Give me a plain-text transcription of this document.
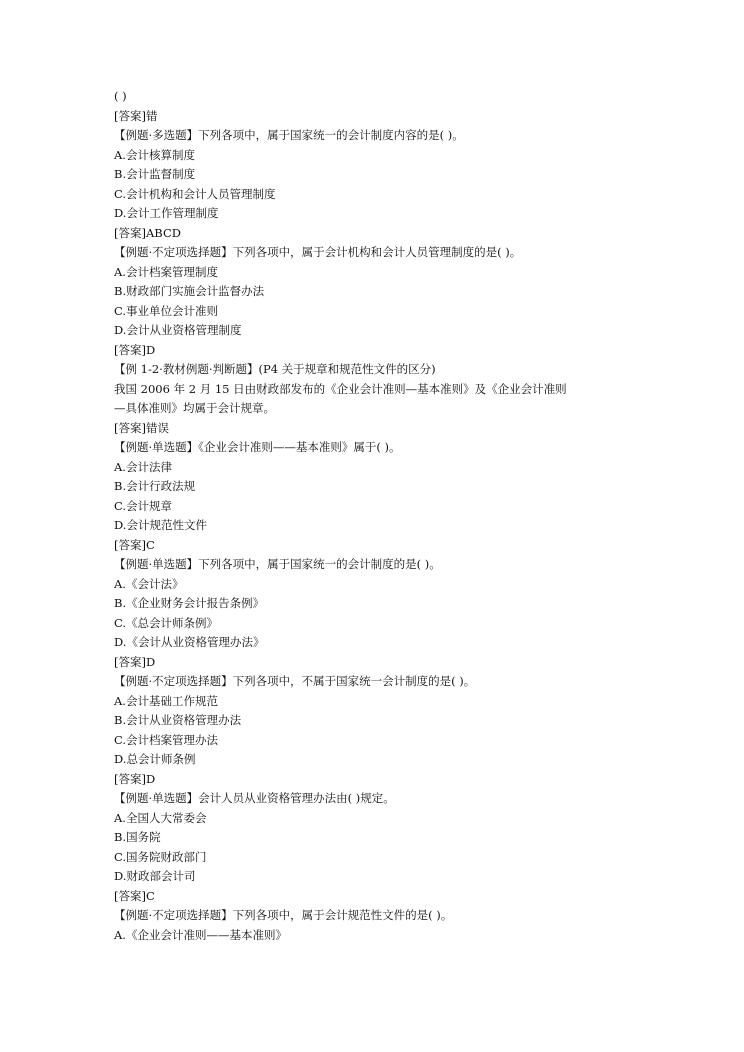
( )
[答案]错
【例题·多选题】下列各项中，属于国家统一的会计制度内容的是( )。
A.会计核算制度
B.会计监督制度
C.会计机构和会计人员管理制度
D.会计工作管理制度
[答案]ABCD
【例题·不定项选择题】下列各项中，属于会计机构和会计人员管理制度的是( )。
A.会计档案管理制度
B.财政部门实施会计监督办法
C.事业单位会计准则
D.会计从业资格管理制度
[答案]D
【例 1-2·教材例题·判断题】(P4 关于规章和规范性文件的区分)
我国 2006 年 2 月 15 日由财政部发布的《企业会计准则—基本准则》及《企业会计准则
—具体准则》均属于会计规章。
[答案]错误
【例题·单选题】《企业会计准则——基本准则》属于( )。
A.会计法律
B.会计行政法规
C.会计规章
D.会计规范性文件
[答案]C
【例题·单选题】下列各项中，属于国家统一的会计制度的是( )。
A.《会计法》
B.《企业财务会计报告条例》
C.《总会计师条例》
D.《会计从业资格管理办法》
[答案]D
【例题·不定项选择题】下列各项中，不属于国家统一会计制度的是( )。
A.会计基础工作规范
B.会计从业资格管理办法
C.会计档案管理办法
D.总会计师条例
[答案]D
【例题·单选题】会计人员从业资格管理办法由( )规定。
A.全国人大常委会
B.国务院
C.国务院财政部门
D.财政部会计司
[答案]C
【例题·不定项选择题】下列各项中，属于会计规范性文件的是( )。
A.《企业会计准则——基本准则》
